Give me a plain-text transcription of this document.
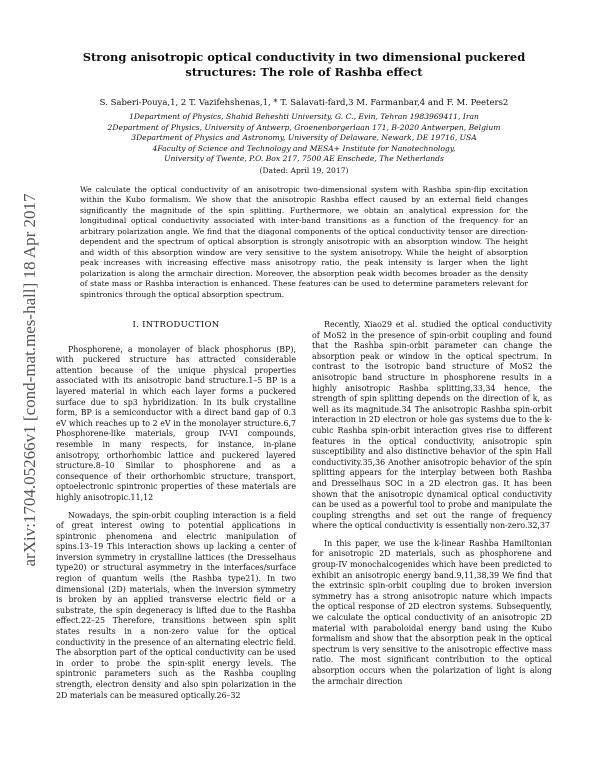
arXiv:1704.05266v1 [cond-mat.mes-hall] 18 Apr 2017
Strong anisotropic optical conductivity in two dimensional puckered structures: The role of Rashba effect
S. Saberi-Pouya,1, 2 T. Vazifehshenas,1, * T. Salavati-fard,3 M. Farmanbar,4 and F. M. Peeters2
1Department of Physics, Shahid Beheshti University, G. C., Evin, Tehran 1983969411, Iran
2Department of Physics, University of Antwerp, Groenenborgerlaan 171, B-2020 Antwerpen, Belgium
3Department of Physics and Astronomy, University of Delaware, Newark, DE 19716, USA
4Faculty of Science and Technology and MESA+ Institute for Nanotechnology,
University of Twente, P.O. Box 217, 7500 AE Enschede, The Netherlands
(Dated: April 19, 2017)
We calculate the optical conductivity of an anisotropic two-dimensional system with Rashba spin-flip excitation within the Kubo formalism. We show that the anisotropic Rashba effect caused by an external field changes significantly the magnitude of the spin splitting. Furthermore, we obtain an analytical expression for the longitudinal optical conductivity associated with inter-band transitions as a function of the frequency for an arbitrary polarization angle. We find that the diagonal components of the optical conductivity tensor are direction-dependent and the spectrum of optical absorption is strongly anisotropic with an absorption window. The height and width of this absorption window are very sensitive to the system anisotropy. While the height of absorption peak increases with increasing effective mass anisotropy ratio, the peak intensity is larger when the light polarization is along the armchair direction. Moreover, the absorption peak width becomes broader as the density of state mass or Rashba interaction is enhanced. These features can be used to determine parameters relevant for spintronics through the optical absorption spectrum.
I. INTRODUCTION

Phosphorene, a monolayer of black phosphorus (BP), with puckered structure has attracted considerable attention because of the unique physical properties associated with its anisotropic band structure.1–5 BP is a layered material in which each layer forms a puckered surface due to sp3 hybridization. In its bulk crystalline form, BP is a semiconductor with a direct band gap of 0.3 eV which reaches up to 2 eV in the monolayer structure.6,7 Phosphorene-like materials, group IV-VI compounds, resemble in many respects, for instance, in-plane anisotropy, orthorhombic lattice and puckered layered structure.8–10 Similar to phosphorene and as a consequence of their orthorhombic structure, transport, optoelectronic spintronic properties of these materials are highly anisotropic.11,12

Nowadays, the spin-orbit coupling interaction is a field of great interest owing to potential applications in spintronic phenomena and electric manipulation of spins.13–19 This interaction shows up lacking a center of inversion symmetry in crystalline lattices (the Dresselhaus type20) or structural asymmetry in the interfaces/surface region of quantum wells (the Rashba type21). In two dimensional (2D) materials, when the inversion symmetry is broken by an applied transverse electric field or a substrate, the spin degeneracy is lifted due to the Rashba effect.22–25 Therefore, transitions between spin split states results in a non-zero value for the optical conductivity in the presence of an alternating electric field. The absorption part of the optical conductivity can be used in order to probe the spin-split energy levels. The spintronic parameters such as the Rashba coupling strength, electron density and also spin polarization in the 2D materials can be measured optically.26–32

Recently, Xiao29 et al. studied the optical conductivity of MoS2 in the presence of spin-orbit coupling and found that the Rashba spin-orbit parameter can change the absorption peak or window in the optical spectrum. In contrast to the isotropic band structure of MoS2 the anisotropic band structure in phosphorene results in a highly anisotropic Rashba splitting,33,34 hence, the strength of spin splitting depends on the direction of k, as well as its magnitude.34 The anisotropic Rashba spin-orbit interaction in 2D electron or hole gas systems due to the k-cubic Rashba spin-orbit interaction gives rise to different features in the optical conductivity, anisotropic spin susceptibility and also distinctive behavior of the spin Hall conductivity.35,36 Another anisotropic behavior of the spin splitting appears for the interplay between both Rashba and Dresselhaus SOC in a 2D electron gas. It has been shown that the anisotropic dynamical optical conductivity can be used as a powerful tool to probe and manipulate the coupling strengths and set out the range of frequency where the optical conductivity is essentially non-zero.32,37

In this paper, we use the k-linear Rashba Hamiltonian for anisotropic 2D materials, such as phosphorene and group-IV monochalcogenides which have been predicted to exhibit an anisotropic energy band.9,11,38,39 We find that the extrinsic spin-orbit coupling due to broken inversion symmetry has a strong anisotropic nature which impacts the optical response of 2D electron systems. Subsequently, we calculate the optical conductivity of an anisotropic 2D material with paraboloidal energy band using the Kubo formalism and show that the absorption peak in the optical spectrum is very sensitive to the anisotropic effective mass ratio. The most significant contribution to the optical absorption occurs when the polarization of light is along the armchair direction
